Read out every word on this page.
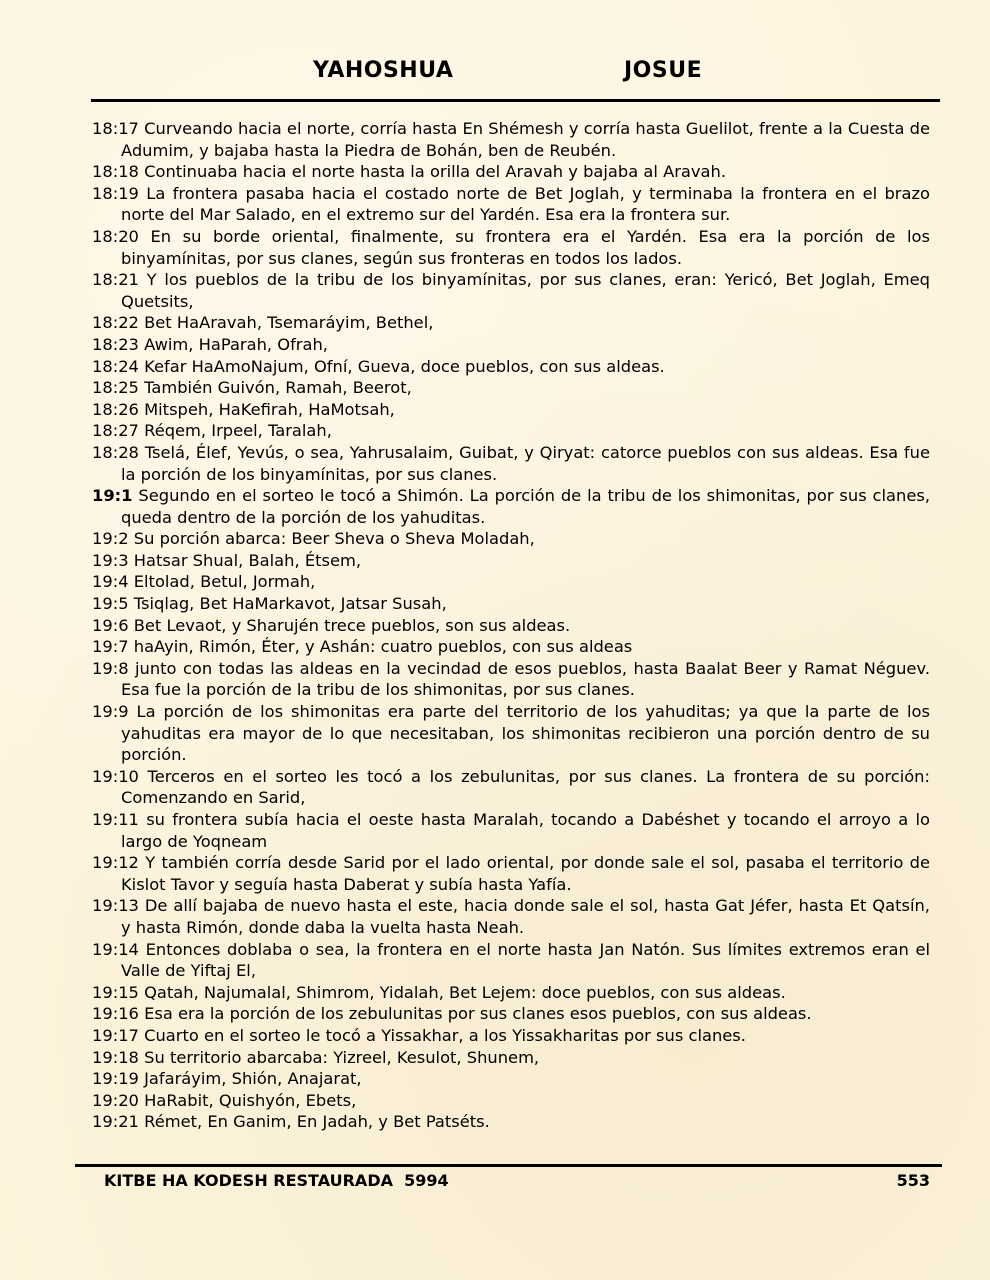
YAHOSHUA	JOSUE

18:17 Curveando hacia el norte, corría hasta En Shémesh y corría hasta Guelilot, frente a la Cuesta de Adumim, y bajaba hasta la Piedra de Bohán, ben de Reubén.

18:18 Continuaba hacia el norte hasta la orilla del Aravah y bajaba al Aravah.

18:19 La frontera pasaba hacia el costado norte de Bet Joglah, y terminaba la frontera en el brazo norte del Mar Salado, en el extremo sur del Yardén. Esa era la frontera sur.

18:20 En su borde oriental, finalmente, su frontera era el Yardén. Esa era la porción de los binyamínitas, por sus clanes, según sus fronteras en todos los lados.

18:21 Y los pueblos de la tribu de los binyamínitas, por sus clanes, eran: Yericó, Bet Joglah, Emeq Quetsits,

18:22 Bet HaAravah, Tsemaráyim, Bethel,

18:23 Awim, HaParah, Ofrah,

18:24 Kefar HaAmoNajum, Ofní, Gueva, doce pueblos, con sus aldeas.

18:25 También Guivón, Ramah, Beerot,

18:26 Mitspeh, HaKefirah, HaMotsah,

18:27 Réqem, Irpeel, Taralah,

18:28 Tselá, Élef, Yevús, o sea, Yahrusalaim, Guibat, y Qiryat: catorce pueblos con sus aldeas. Esa fue la porción de los binyamínitas, por sus clanes.

19:1 Segundo en el sorteo le tocó a Shimón. La porción de la tribu de los shimonitas, por sus clanes, queda dentro de la porción de los yahuditas.

19:2 Su porción abarca: Beer Sheva o Sheva Moladah,

19:3 Hatsar Shual, Balah, Étsem,

19:4 Eltolad, Betul, Jormah,

19:5 Tsiqlag, Bet HaMarkavot, Jatsar Susah,

19:6 Bet Levaot, y Sharujén trece pueblos, son sus aldeas.

19:7 haAyin, Rimón, Éter, y Ashán: cuatro pueblos, con sus aldeas

19:8 junto con todas las aldeas en la vecindad de esos pueblos, hasta Baalat Beer y Ramat Néguev. Esa fue la porción de la tribu de los shimonitas, por sus clanes.

19:9 La porción de los shimonitas era parte del territorio de los yahuditas; ya que la parte de los yahuditas era mayor de lo que necesitaban, los shimonitas recibieron una porción dentro de su porción.

19:10 Terceros en el sorteo les tocó a los zebulunitas, por sus clanes. La frontera de su porción: Comenzando en Sarid,

19:11 su frontera subía hacia el oeste hasta Maralah, tocando a Dabéshet y tocando el arroyo a lo largo de Yoqneam

19:12 Y también corría desde Sarid por el lado oriental, por donde sale el sol, pasaba el territorio de Kislot Tavor y seguía hasta Daberat y subía hasta Yafía.

19:13 De allí bajaba de nuevo hasta el este, hacia donde sale el sol, hasta Gat Jéfer, hasta Et Qatsín, y hasta Rimón, donde daba la vuelta hasta Neah.

19:14 Entonces doblaba o sea, la frontera en el norte hasta Jan Natón. Sus límites extremos eran el Valle de Yiftaj El,

19:15 Qatah, Najumalal, Shimrom, Yidalah, Bet Lejem: doce pueblos, con sus aldeas.

19:16 Esa era la porción de los zebulunitas por sus clanes esos pueblos, con sus aldeas.

19:17 Cuarto en el sorteo le tocó a Yissakhar, a los Yissakharitas por sus clanes.

19:18 Su territorio abarcaba: Yizreel, Kesulot, Shunem,

19:19 Jafaráyim, Shión, Anajarat,

19:20 HaRabit, Quishyón, Ebets,

19:21 Rémet, En Ganim, En Jadah, y Bet Patséts.

KITBE HA KODESH RESTAURADA  5994	553
